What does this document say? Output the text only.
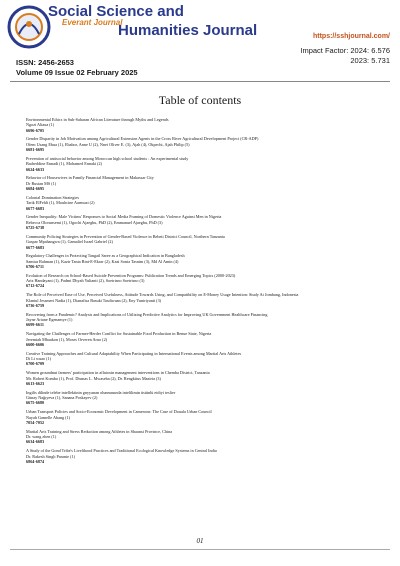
Social Science and
Everant Journal
Humanities Journal	https://sshjournal.com/
Impact Factor: 2024: 6.576
2023: 5.731
ISSN: 2456-2653
Volume 09 Issue 02 February 2025
Table of contents
Environmental Ethics in Sub-Saharan African Literature through Myths and Legends
Ngozi Aliaua (1)
6696-6705
Gender Disparity in Job Motivation among Agricultural Extension Agents in the Cross River Agricultural Development Project (CR-ADP)
Ofem Usang Ebua (1), Ebabor, Anne U (2), Nnei Oliver E. (3), Ajah (4), Okpechi, Ajah Philip (5)
6681-6695
Prevention of antisocial behavior among Moroccan high school students : An experimental study
Badreddine Ennadi (1), Mohamed Ennaki (2)
6624-6633
Behavior of Housewives in Family Financial Management in Makassar City
Dr Rustan MS (1)
6684-6695
Colonial Domination Strategies
Tarik ElFehli (1), Mouhcine Aarmuzi (2)
6677-6683
Gender Inequality: Male Victims' Responses to Social Media Framing of Domestic Violence Against Men in Nigeria
Rebecca Olorunsemi (1), Ogochi Ajaegbu, PhD (2), Emmanuel Ajaegbu, PhD (3)
6725-6738
Community Policing Strategies in Prevention of Gender-Based Violence in Bebeti District Council, Northern Tanzania
Gaspar Mpahangwa (1), Gamaliel Israel Gabriel (2)
6677-6683
Regulatory Challenges in Protecting Tangail Saree as a Geographical Indication in Bangladesh
Samiur Rahman (1), Kazir Tania Bint-E-Ekrar (2), Kazi Sonia Tasnim (3), Md Al Amin (4)
6706-6711
Evolution of Research on School-Based Suicide Prevention Programs: Publication Trends and Emerging Topics (2000-2023)
Ariz Handayani (1), Padmi Dhyah Yulianti (2), Soetrisno Soetrisno (3)
6712-6724
The Role of Perceived Ease of Use, Perceived Usefulness, Attitude Towards Using, and Compatibility on E-Money Usage Intention: Study At Jombang, Indonesia
Klantul Jessmeri Nadia (1), Dianafisa Basuki Tasdiwaan (2), Eny Yuniriyanti (3)
6736-6759
Recovering from a Pandemic? Analysis and Implications of Utilizing Predictive Analytics for Improving UK Government Healthcare Financing
Jayne Ariane Egenamye (1)
6699-6611
Navigating the Challenges of Farmer-Herder Conflict for Sustainable Food Production in Benue State, Nigeria
Jeremiah Mbaakon (1), Moses Orveren Aruo (2)
6600-6606
Creative Training Approaches and Cultural Adaptability When Participating in International Events among Martial Arts Athletes
Di Li wuao (1)
6700-6709
Women groundnut farmers' participation in aflatoxin management interventions in Chemba District, Tanzania
Mr. Robert Kombo (1), Prof. Dismas L. Mwaseba (2), Dr. Rengkiius Maziria (3)
6613-6623
Ingilis dilinde telebe intellektinin gnyyanan olunmasında intelilimin üstünlü etdiyi teslier
Günay Nağıyeva (1), Sanana Poskayev (2)
6675-6680
Urban Transport Policies and Socio-Economic Development in Cameroon: The Case of Douala Urban Council
Nayah Gamelle Abang (1)
7054-7052
Martial Arts Training and Stress Reduction among Athletes in Shaanxi Province, China
Dr. wang zhen (1)
6634-6683
A Study of the Gond Tribe's Livelihood Practices and Traditional Ecological Knowledge Systems in Central India
Dr. Rakesh Singh Paranie (1)
6864-6874
01
